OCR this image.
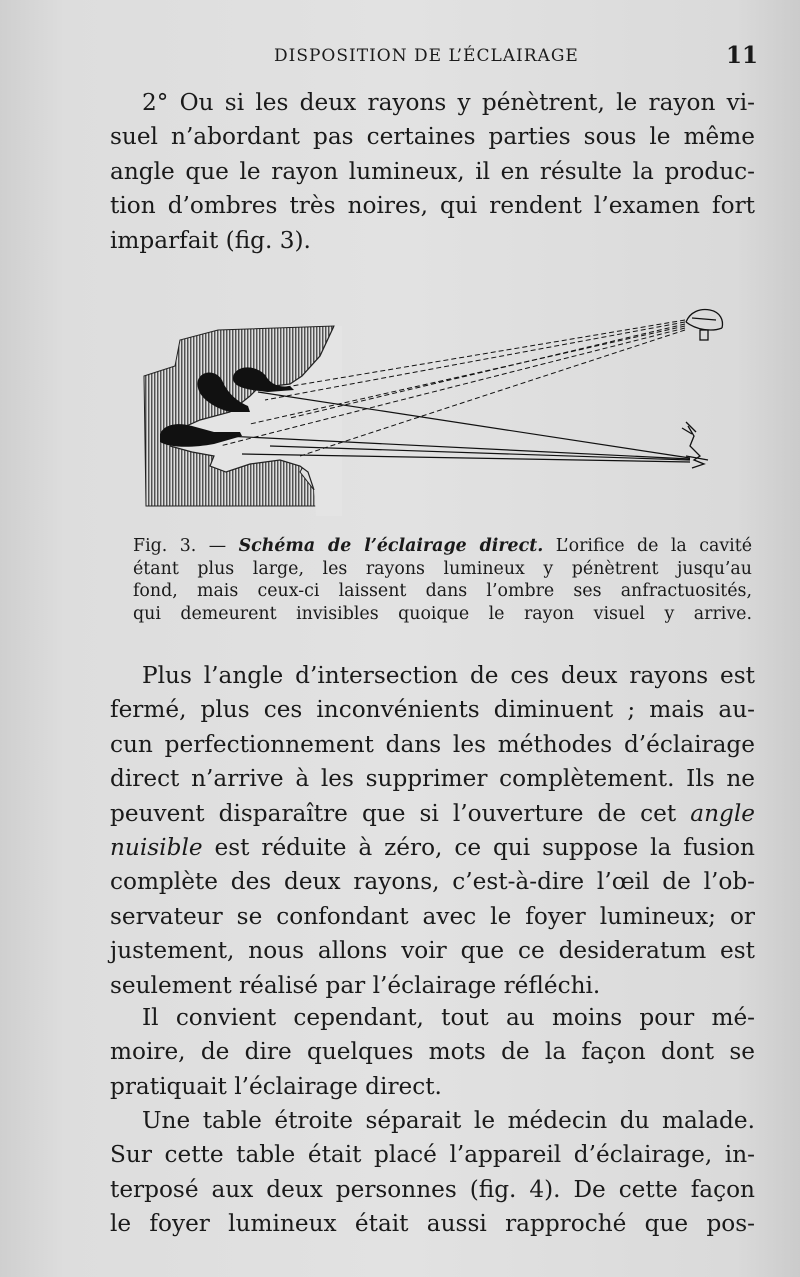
DISPOSITION DE L’ÉCLAIRAGE	11

2° Ou si les deux rayons y pénètrent, le rayon vi-
suel n’abordant pas certaines parties sous le même
angle que le rayon lumineux, il en résulte la produc-
tion d’ombres très noires, qui rendent l’examen fort
imparfait (fig. 3).

Fig. 3. — Schéma de l’éclairage direct. L’orifice de la cavité
étant plus large, les rayons lumineux y pénètrent jusqu’au
fond, mais ceux-ci laissent dans l’ombre ses anfractuosités,
qui demeurent invisibles quoique le rayon visuel y arrive.

Plus l’angle d’intersection de ces deux rayons est
fermé, plus ces inconvénients diminuent ; mais au-
cun perfectionnement dans les méthodes d’éclairage
direct n’arrive à les supprimer complètement. Ils ne
peuvent disparaître que si l’ouverture de cet angle
nuisible est réduite à zéro, ce qui suppose la fusion
complète des deux rayons, c’est-à-dire l’œil de l’ob-
servateur se confondant avec le foyer lumineux; or
justement, nous allons voir que ce desideratum est
seulement réalisé par l’éclairage réfléchi.

Il convient cependant, tout au moins pour mé-
moire, de dire quelques mots de la façon dont se
pratiquait l’éclairage direct.

Une table étroite séparait le médecin du malade.
Sur cette table était placé l’appareil d’éclairage, in-
terposé aux deux personnes (fig. 4). De cette façon
le foyer lumineux était aussi rapproché que pos-
